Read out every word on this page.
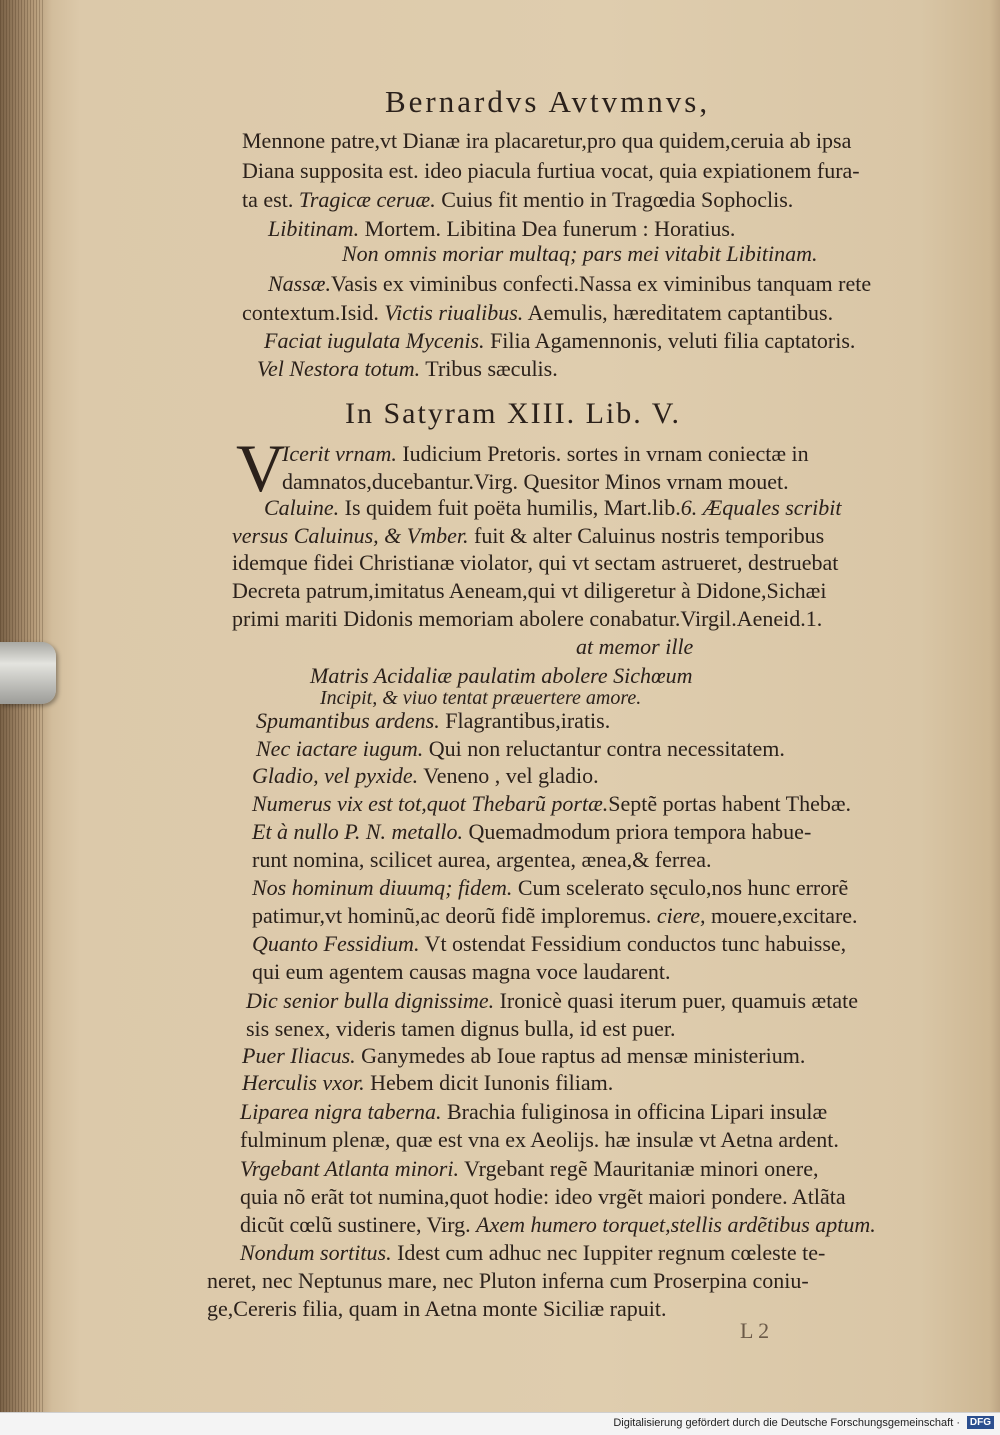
Bernardvs Avtvmnvs,
Mennone patre,vt Dianæ ira placaretur,pro qua quidem,ceruia ab ipsa
Diana supposita est. ideo piacula furtiua vocat, quia expiationem fura-
ta est. Tragicæ ceruæ. Cuius fit mentio in Tragœdia Sophoclis.
Libitinam. Mortem. Libitina Dea funerum : Horatius.
Non omnis moriar multaq; pars mei vitabit Libitinam.
Nassæ.Vasis ex viminibus confecti.Nassa ex viminibus tanquam rete
contextum.Isid. Victis riualibus. Aemulis, hæreditatem captantibus.
Faciat iugulata Mycenis. Filia Agamennonis, veluti filia captatoris.
Vel Nestora totum. Tribus sæculis.
In Satyram XIII. Lib. V.
V
Icerit vrnam. Iudicium Pretoris. sortes in vrnam coniectæ in
damnatos,ducebantur.Virg. Quesitor Minos vrnam mouet.
Caluine. Is quidem fuit poëta humilis, Mart.lib.6. Æquales scribit
versus Caluinus, & Vmber. fuit & alter Caluinus nostris temporibus
idemque fidei Christianæ violator, qui vt sectam astrueret, destruebat
Decreta patrum,imitatus Aeneam,qui vt diligeretur à Didone,Sichæi
primi mariti Didonis memoriam abolere conabatur.Virgil.Aeneid.1.
at memor ille
Matris Acidaliæ paulatim abolere Sichœum
Incipit, & viuo tentat præuertere amore.
Spumantibus ardens. Flagrantibus,iratis.
Nec iactare iugum. Qui non reluctantur contra necessitatem.
Gladio, vel pyxide. Veneno , vel gladio.
Numerus vix est tot,quot Thebarũ portæ.Septẽ portas habent Thebæ.
Et à nullo P. N. metallo. Quemadmodum priora tempora habue-
runt nomina, scilicet aurea, argentea, ænea,& ferrea.
Nos hominum diuumq; fidem. Cum scelerato sęculo,nos hunc errorẽ
patimur,vt hominũ,ac deorũ fidẽ imploremus. ciere, mouere,excitare.
Quanto Fessidium. Vt ostendat Fessidium conductos tunc habuisse,
qui eum agentem causas magna voce laudarent.
Dic senior bulla dignissime. Ironicè quasi iterum puer, quamuis ætate
sis senex, videris tamen dignus bulla, id est puer.
Puer Iliacus. Ganymedes ab Ioue raptus ad mensæ ministerium.
Herculis vxor. Hebem dicit Iunonis filiam.
Liparea nigra taberna. Brachia fuliginosa in officina Lipari insulæ
fulminum plenæ, quæ est vna ex Aeolijs. hæ insulæ vt Aetna ardent.
Vrgebant Atlanta minori. Vrgebant regẽ Mauritaniæ minori onere,
quia nõ erãt tot numina,quot hodie: ideo vrgẽt maiori pondere. Atlãta
dicũt cœlũ sustinere, Virg. Axem humero torquet,stellis ardẽtibus aptum.
Nondum sortitus. Idest cum adhuc nec Iuppiter regnum cœleste te-
neret, nec Neptunus mare, nec Pluton inferna cum Proserpina coniu-
ge,Cereris filia, quam in Aetna monte Siciliæ rapuit.
L 2
Digitalisierung gefördert durch die Deutsche Forschungsgemeinschaft · DFG
